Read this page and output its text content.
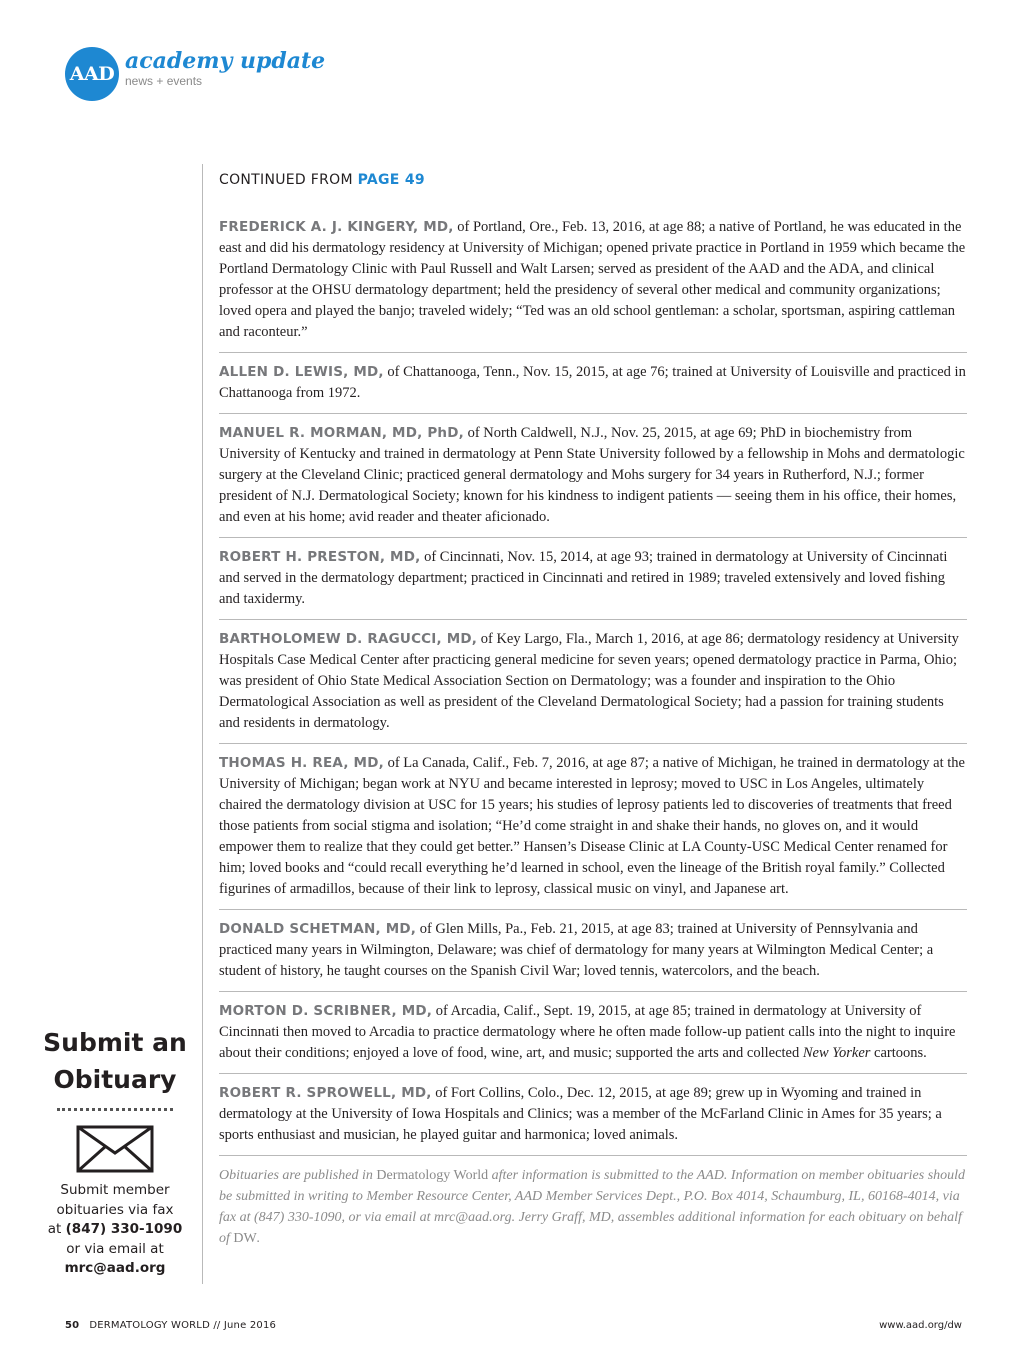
AAD academy update
news + events
CONTINUED FROM PAGE 49
FREDERICK A. J. KINGERY, MD, of Portland, Ore., Feb. 13, 2016, at age 88; a native of Portland, he was educated in the east and did his dermatology residency at University of Michigan; opened private practice in Portland in 1959 which became the Portland Dermatology Clinic with Paul Russell and Walt Larsen; served as president of the AAD and the ADA, and clinical professor at the OHSU dermatology department; held the presidency of several other medical and community organizations; loved opera and played the banjo; traveled widely; “Ted was an old school gentleman: a scholar, sportsman, aspiring cattleman and raconteur.”
ALLEN D. LEWIS, MD, of Chattanooga, Tenn., Nov. 15, 2015, at age 76; trained at University of Louisville and practiced in Chattanooga from 1972.
MANUEL R. MORMAN, MD, PhD, of North Caldwell, N.J., Nov. 25, 2015, at age 69; PhD in biochemistry from University of Kentucky and trained in dermatology at Penn State University followed by a fellowship in Mohs and dermatologic surgery at the Cleveland Clinic; practiced general dermatology and Mohs surgery for 34 years in Rutherford, N.J.; former president of N.J. Dermatological Society; known for his kindness to indigent patients — seeing them in his office, their homes, and even at his home; avid reader and theater aficionado.
ROBERT H. PRESTON, MD, of Cincinnati, Nov. 15, 2014, at age 93; trained in dermatology at University of Cincinnati and served in the dermatology department; practiced in Cincinnati and retired in 1989; traveled extensively and loved fishing and taxidermy.
BARTHOLOMEW D. RAGUCCI, MD, of Key Largo, Fla., March 1, 2016, at age 86; dermatology residency at University Hospitals Case Medical Center after practicing general medicine for seven years; opened dermatology practice in Parma, Ohio; was president of Ohio State Medical Association Section on Dermatology; was a founder and inspiration to the Ohio Dermatological Association as well as president of the Cleveland Dermatological Society; had a passion for training students and residents in dermatology.
THOMAS H. REA, MD, of La Canada, Calif., Feb. 7, 2016, at age 87; a native of Michigan, he trained in dermatology at the University of Michigan; began work at NYU and became interested in leprosy; moved to USC in Los Angeles, ultimately chaired the dermatology division at USC for 15 years; his studies of leprosy patients led to discoveries of treatments that freed those patients from social stigma and isolation; “He’d come straight in and shake their hands, no gloves on, and it would empower them to realize that they could get better.” Hansen’s Disease Clinic at LA County-USC Medical Center renamed for him; loved books and “could recall everything he’d learned in school, even the lineage of the British royal family.” Collected figurines of armadillos, because of their link to leprosy, classical music on vinyl, and Japanese art.
DONALD SCHETMAN, MD, of Glen Mills, Pa., Feb. 21, 2015, at age 83; trained at University of Pennsylvania and practiced many years in Wilmington, Delaware; was chief of dermatology for many years at Wilmington Medical Center; a student of history, he taught courses on the Spanish Civil War; loved tennis, watercolors, and the beach.
MORTON D. SCRIBNER, MD, of Arcadia, Calif., Sept. 19, 2015, at age 85; trained in dermatology at University of Cincinnati then moved to Arcadia to practice dermatology where he often made follow-up patient calls into the night to inquire about their conditions; enjoyed a love of food, wine, art, and music; supported the arts and collected New Yorker cartoons.
ROBERT R. SPROWELL, MD, of Fort Collins, Colo., Dec. 12, 2015, at age 89; grew up in Wyoming and trained in dermatology at the University of Iowa Hospitals and Clinics; was a member of the McFarland Clinic in Ames for 35 years; a sports enthusiast and musician, he played guitar and harmonica; loved animals.
Obituaries are published in Dermatology World after information is submitted to the AAD. Information on member obituaries should be submitted in writing to Member Resource Center, AAD Member Services Dept., P.O. Box 4014, Schaumburg, IL, 60168-4014, via fax at (847) 330-1090, or via email at mrc@aad.org. Jerry Graff, MD, assembles additional information for each obituary on behalf of DW.
Submit an
Obituary
Submit member
obituaries via fax
at (847) 330-1090
or via email at
mrc@aad.org
50 DERMATOLOGY WORLD // June 2016	www.aad.org/dw
